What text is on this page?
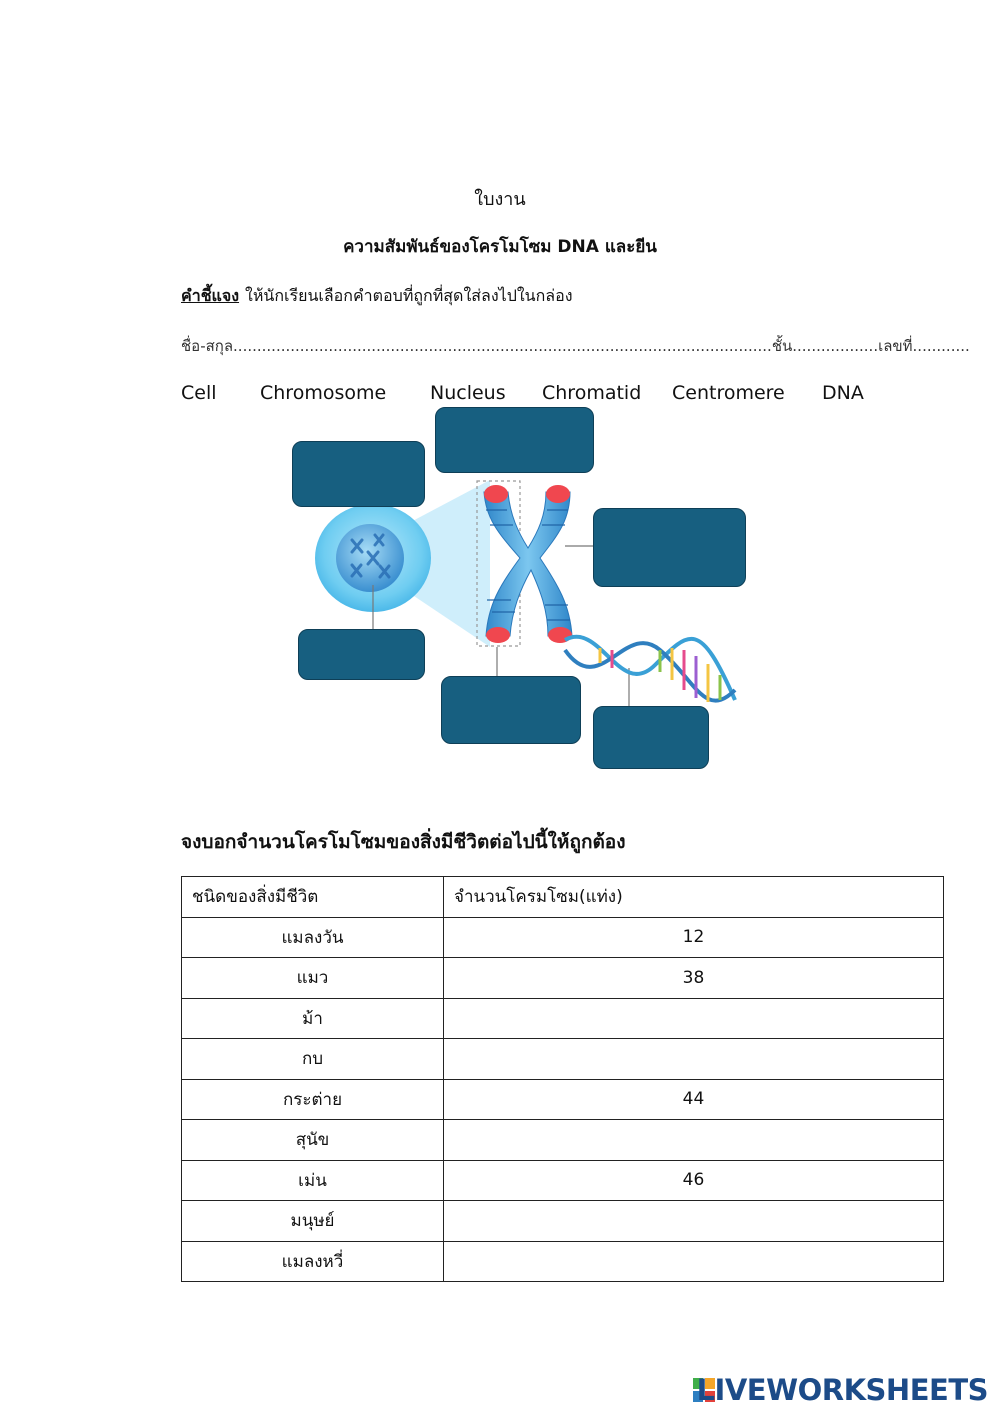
ใบงาน
ความสัมพันธ์ของโครโมโซม DNA และยีน
คำชี้แจง ให้นักเรียนเลือกคำตอบที่ถูกที่สุดใส่ลงไปในกล่อง
ชื่อ-สกุล.................................................................................................................ชั้น..................เลขที่............
Cell Chromosome Nucleus Chromatid Centromere DNA
จงบอกจำนวนโครโมโซมของสิ่งมีชีวิตต่อไปนี้ให้ถูกต้อง
ชนิดของสิ่งมีชีวิต	จำนวนโครมโซม(แท่ง)
แมลงวัน	12
แมว	38
ม้า	
กบ	
กระต่าย	44
สุนัข	
เม่น	46
มนุษย์	
แมลงหวี่	
LIVEWORKSHEETS
